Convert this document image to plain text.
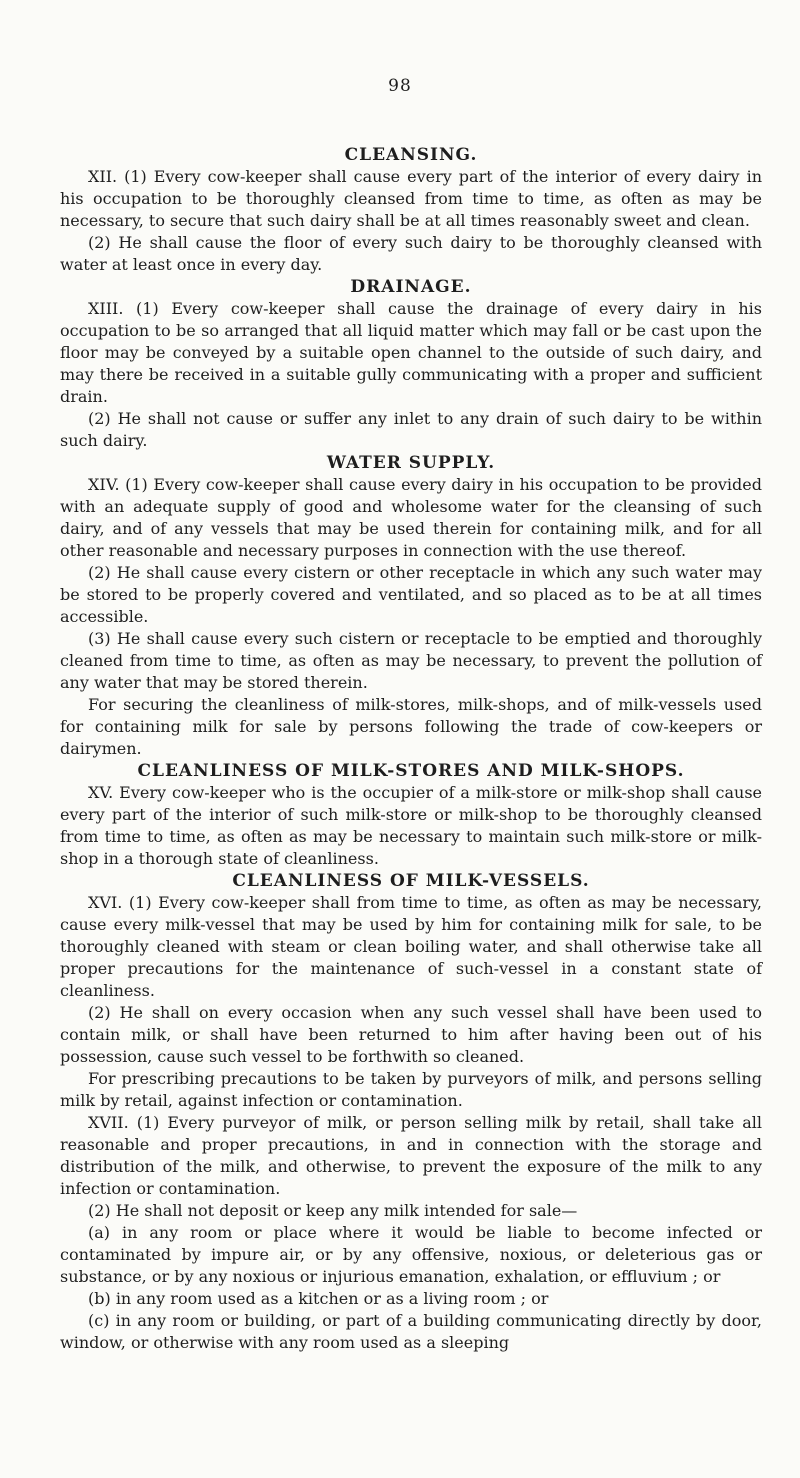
98
CLEANSING.

XII. (1) Every cow-keeper shall cause every part of the interior of every dairy in his occupation to be thoroughly cleansed from time to time, as often as may be necessary, to secure that such dairy shall be at all times reasonably sweet and clean.

(2) He shall cause the floor of every such dairy to be thoroughly cleansed with water at least once in every day.

DRAINAGE.

XIII. (1) Every cow-keeper shall cause the drainage of every dairy in his occupation to be so arranged that all liquid matter which may fall or be cast upon the floor may be conveyed by a suitable open channel to the outside of such dairy, and may there be received in a suitable gully communicating with a proper and sufficient drain.

(2) He shall not cause or suffer any inlet to any drain of such dairy to be within such dairy.

WATER SUPPLY.

XIV. (1) Every cow-keeper shall cause every dairy in his occupation to be provided with an adequate supply of good and wholesome water for the cleansing of such dairy, and of any vessels that may be used therein for containing milk, and for all other reasonable and necessary purposes in connection with the use thereof.

(2) He shall cause every cistern or other receptacle in which any such water may be stored to be properly covered and ventilated, and so placed as to be at all times accessible.

(3) He shall cause every such cistern or receptacle to be emptied and thoroughly cleaned from time to time, as often as may be necessary, to prevent the pollution of any water that may be stored therein.

For securing the cleanliness of milk-stores, milk-shops, and of milk-vessels used for containing milk for sale by persons following the trade of cow-keepers or dairymen.

CLEANLINESS OF MILK-STORES AND MILK-SHOPS.

XV. Every cow-keeper who is the occupier of a milk-store or milk-shop shall cause every part of the interior of such milk-store or milk-shop to be thoroughly cleansed from time to time, as often as may be necessary to maintain such milk-store or milk-shop in a thorough state of cleanliness.

CLEANLINESS OF MILK-VESSELS.

XVI. (1) Every cow-keeper shall from time to time, as often as may be necessary, cause every milk-vessel that may be used by him for containing milk for sale, to be thoroughly cleaned with steam or clean boiling water, and shall otherwise take all proper precautions for the maintenance of such-vessel in a constant state of cleanliness.

(2) He shall on every occasion when any such vessel shall have been used to contain milk, or shall have been returned to him after having been out of his possession, cause such vessel to be forthwith so cleaned.

For prescribing precautions to be taken by purveyors of milk, and persons selling milk by retail, against infection or contamination.

XVII. (1) Every purveyor of milk, or person selling milk by retail, shall take all reasonable and proper precautions, in and in connection with the storage and distribution of the milk, and otherwise, to prevent the exposure of the milk to any infection or contamination.

(2) He shall not deposit or keep any milk intended for sale—

(a) in any room or place where it would be liable to become infected or contaminated by impure air, or by any offensive, noxious, or deleterious gas or substance, or by any noxious or injurious emanation, exhalation, or effluvium ; or

(b) in any room used as a kitchen or as a living room ; or

(c) in any room or building, or part of a building communicating directly by door, window, or otherwise with any room used as a sleeping
